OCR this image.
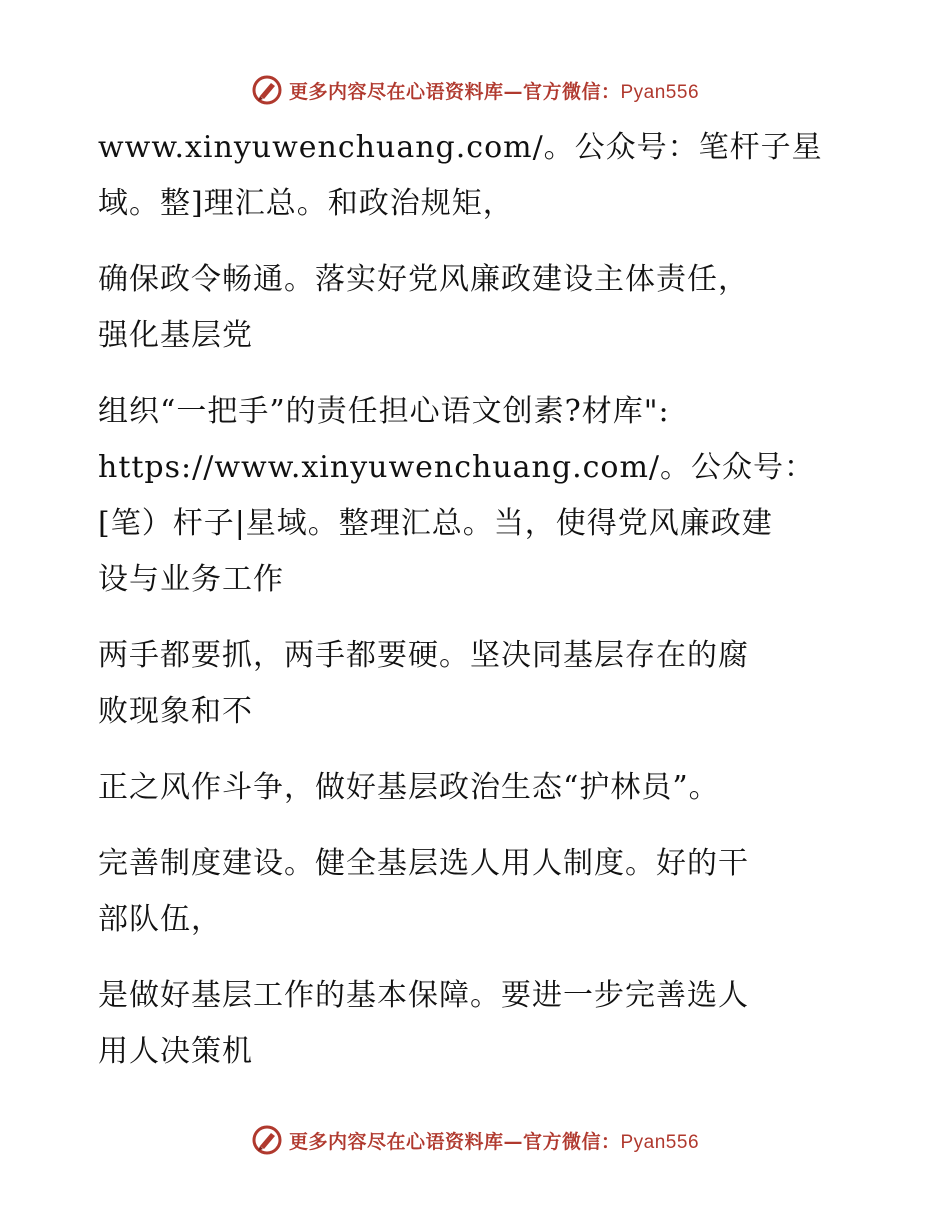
更多内容尽在心语资料库—官方微信：Pyan556
www.xinyuwenchuang.com/。公众号：笔杆子星
域。整]理汇总。和政治规矩，
确保政令畅通。落实好党风廉政建设主体责任，
强化基层党
组织“一把手”的责任担心语文创素?材库":
https://www.xinyuwenchuang.com/。公众号：
[笔）杆子|星域。整理汇总。当，使得党风廉政建
设与业务工作
两手都要抓，两手都要硬。坚决同基层存在的腐
败现象和不
正之风作斗争，做好基层政治生态“护林员”。
完善制度建设。健全基层选人用人制度。好的干
部队伍，
是做好基层工作的基本保障。要进一步完善选人
用人决策机
更多内容尽在心语资料库—官方微信：Pyan556
